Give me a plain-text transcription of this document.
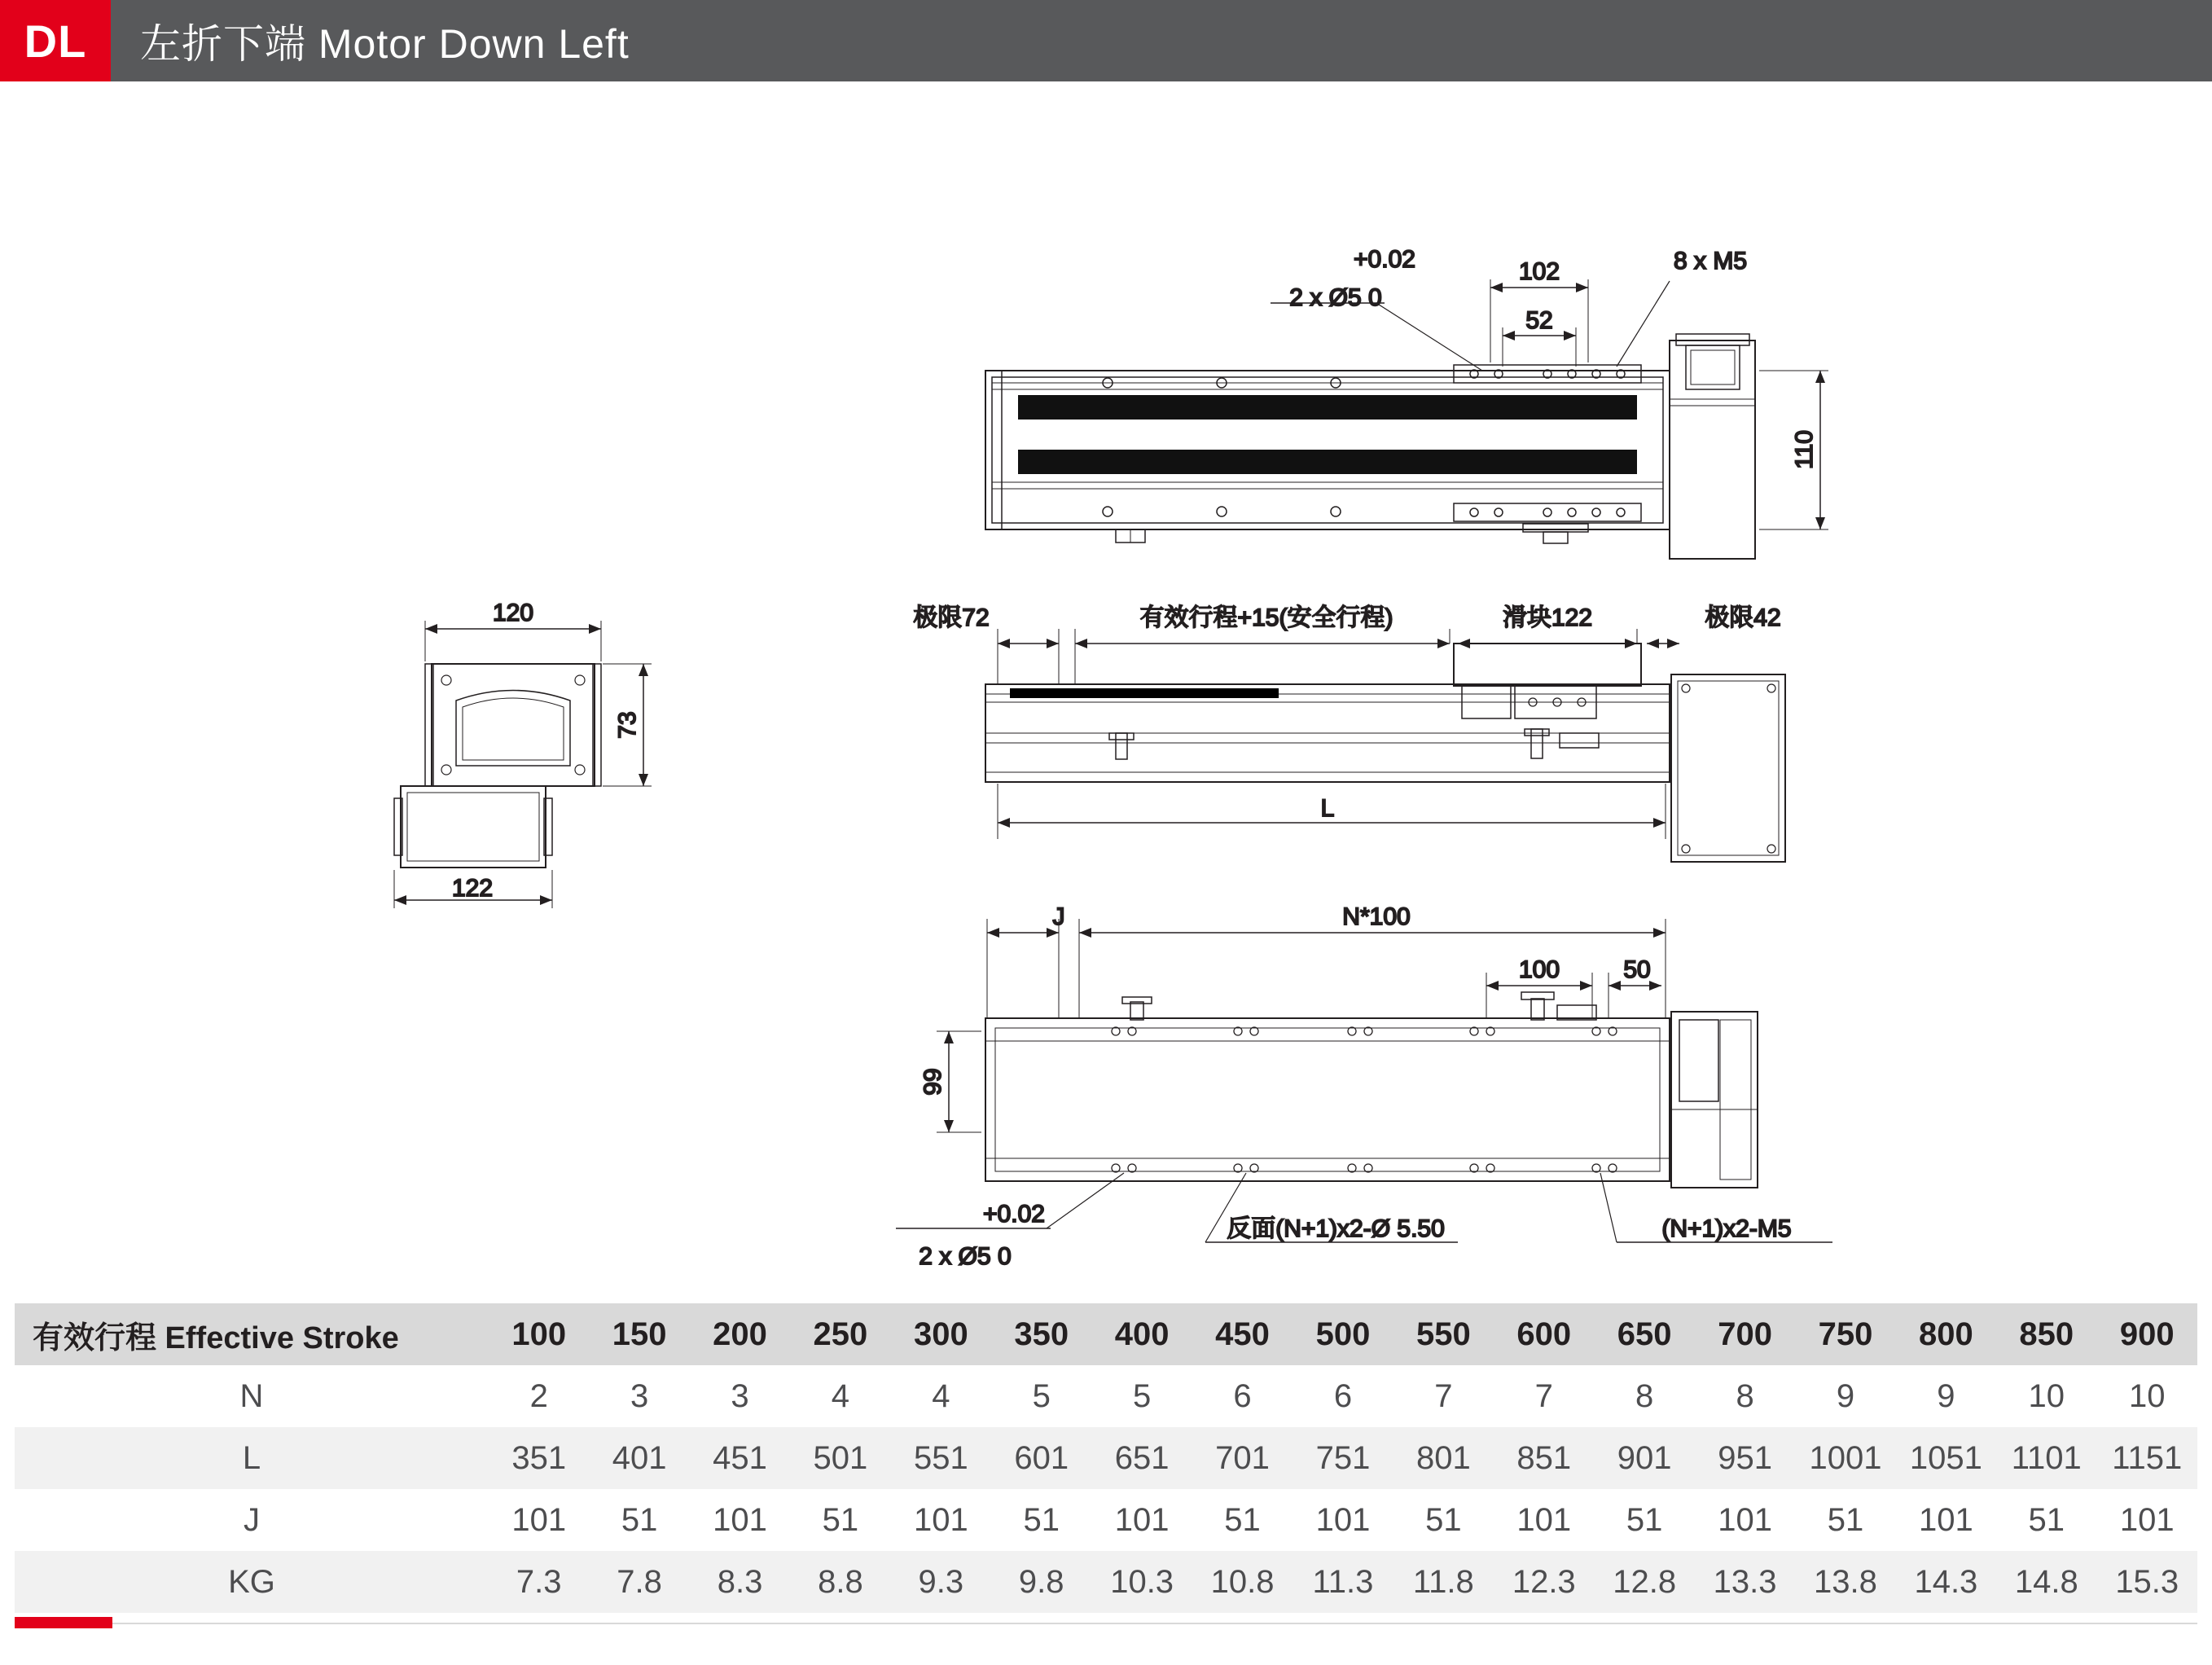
DL	左折下端 Motor Down Left
110
102
52
+0.02
2 x Ø5 0
8 x M5
120
73
122
极限72	有效行程+15(安全行程)	滑块122	极限42
L
J	N*100
100	50
99
+0.02
2 x Ø5 0
反面(N+1)x2-Ø 5.50	(N+1)x2-M5
有效行程 Effective Stroke	100	150	200	250	300	350	400	450	500	550	600	650	700	750	800	850	900
N	2	3	3	4	4	5	5	6	6	7	7	8	8	9	9	10	10
L	351	401	451	501	551	601	651	701	751	801	851	901	951	1001	1051	1101	1151
J	101	51	101	51	101	51	101	51	101	51	101	51	101	51	101	51	101
KG	7.3	7.8	8.3	8.8	9.3	9.8	10.3	10.8	11.3	11.8	12.3	12.8	13.3	13.8	14.3	14.8	15.3
